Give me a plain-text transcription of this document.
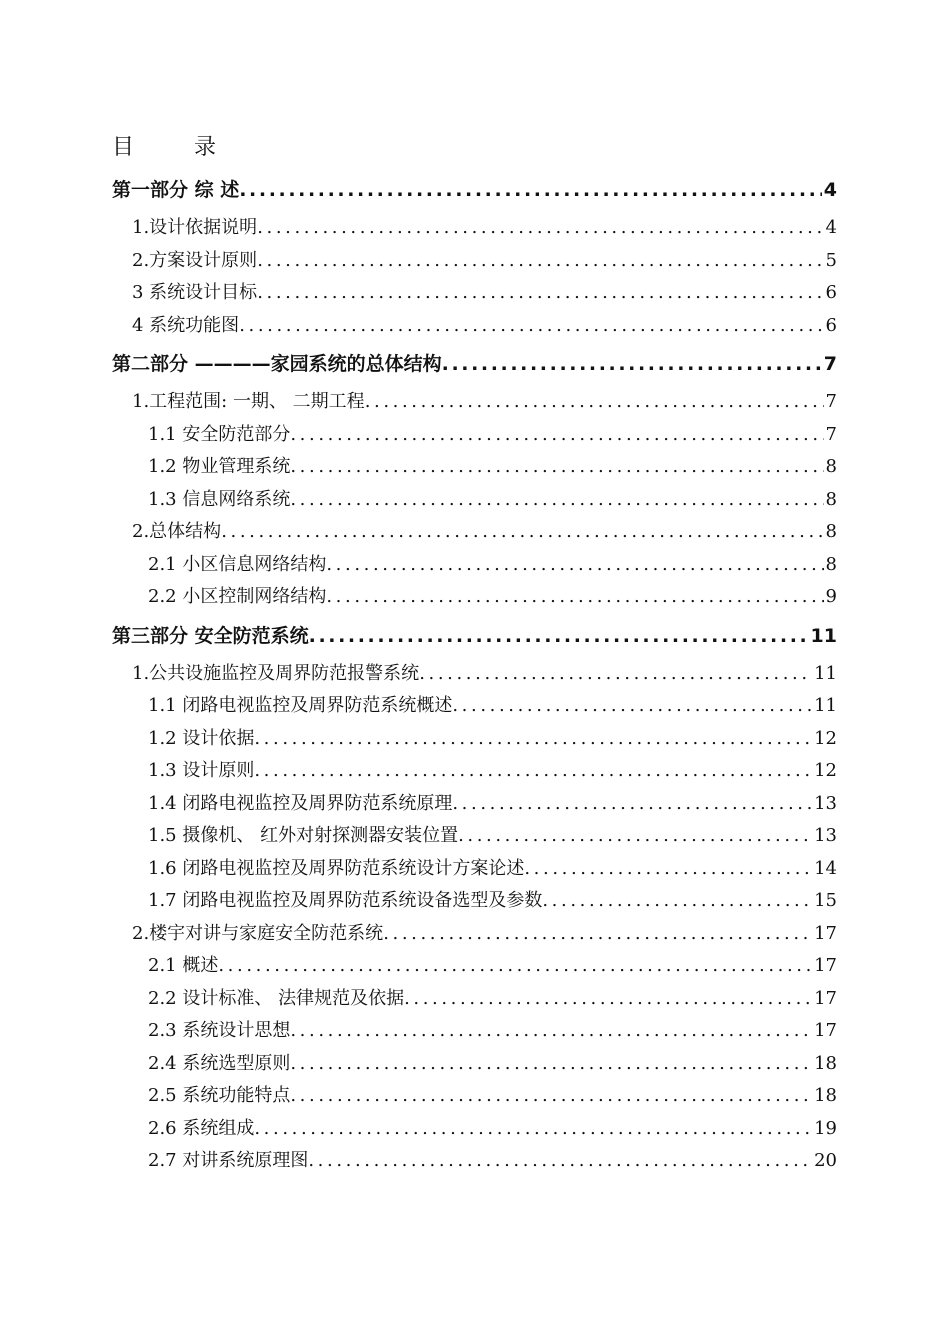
目	录
第一部分 综 述 .....	4
1.设计依据说明 .....	4
2.方案设计原则 .....	5
3 系统设计目标 .....	6
4 系统功能图 .....	6
第二部分 ————家园系统的总体结构 .....	7
1.工程范围: 一期、 二期工程 .....	7
1.1 安全防范部分 .....	7
1.2 物业管理系统 .....	8
1.3 信息网络系统 .....	8
2.总体结构 .....	8
2.1 小区信息网络结构 .....	8
2.2 小区控制网络结构 .....	9
第三部分 安全防范系统 .....	11
1.公共设施监控及周界防范报警系统 .....	11
1.1 闭路电视监控及周界防范系统概述 .....	11
1.2 设计依据 .....	12
1.3 设计原则 .....	12
1.4 闭路电视监控及周界防范系统原理 .....	13
1.5 摄像机、 红外对射探测器安装位置 .....	13
1.6 闭路电视监控及周界防范系统设计方案论述 .....	14
1.7 闭路电视监控及周界防范系统设备选型及参数 .....	15
2.楼宇对讲与家庭安全防范系统 .....	17
2.1 概述 .....	17
2.2 设计标准、 法律规范及依据 .....	17
2.3 系统设计思想 .....	17
2.4 系统选型原则 .....	18
2.5 系统功能特点 .....	18
2.6 系统组成 .....	19
2.7 对讲系统原理图 .....	20
